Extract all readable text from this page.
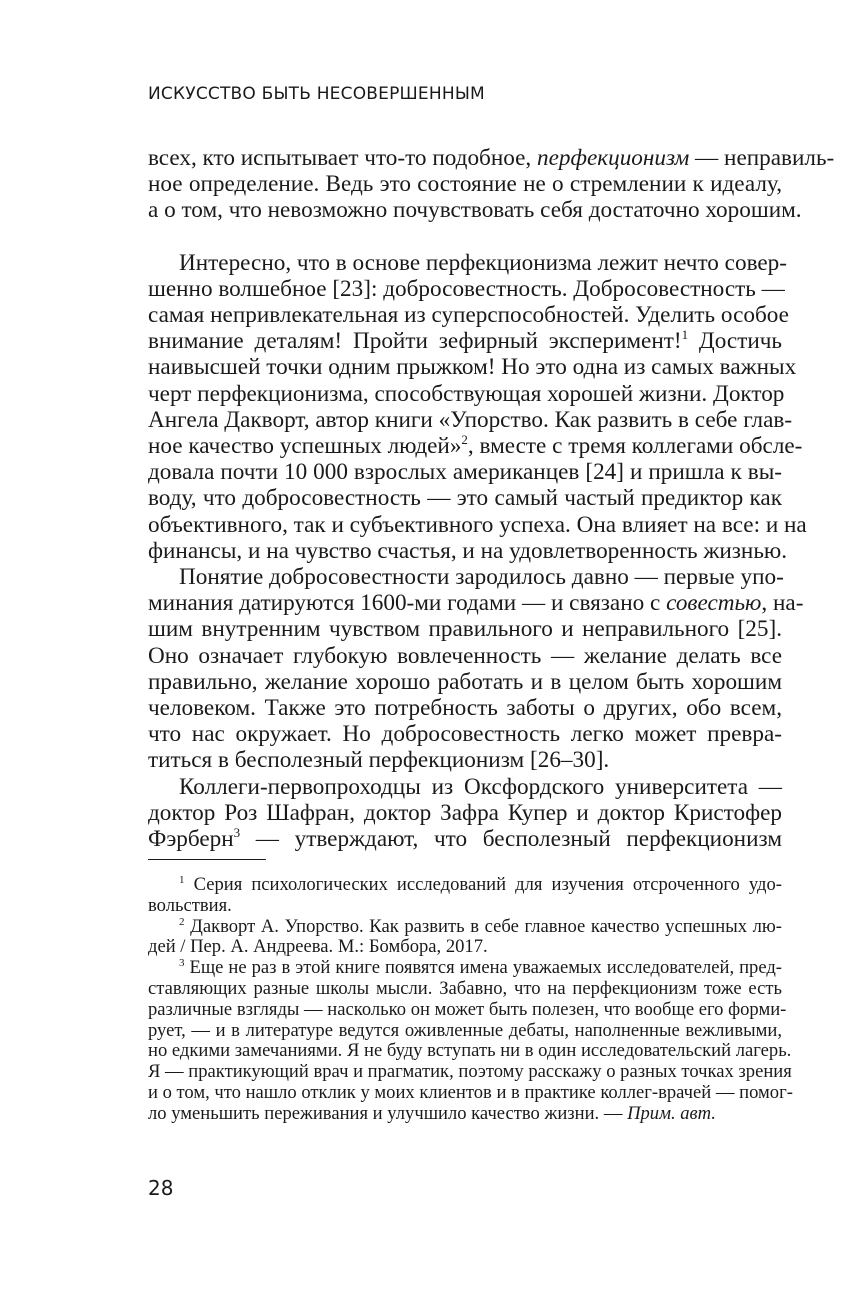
ИСКУССТВО БЫТЬ НЕСОВЕРШЕННЫМ

всех, кто испытывает что-то подобное, перфекционизм — неправиль-
ное определение. Ведь это состояние не о стремлении к идеалу,
а о том, что невозможно почувствовать себя достаточно хорошим.

Интересно, что в основе перфекционизма лежит нечто совер-
шенно волшебное [23]: добросовестность. Добросовестность —
самая непривлекательная из суперспособностей. Уделить особое
внимание деталям! Пройти зефирный эксперимент!$^1$ Достичь
наивысшей точки одним прыжком! Но это одна из самых важных
черт перфекционизма, способствующая хорошей жизни. Доктор
Ангела Дакворт, автор книги «Упорство. Как развить в себе глав-
ное качество успешных людей»$^2$, вместе с тремя коллегами обсле-
довала почти 10 000 взрослых американцев [24] и пришла к вы-
воду, что добросовестность — это самый частый предиктор как
объективного, так и субъективного успеха. Она влияет на все: и на
финансы, и на чувство счастья, и на удовлетворенность жизнью.

Понятие добросовестности зародилось давно — первые упо-
минания датируются 1600-ми годами — и связано с совестью, на-
шим внутренним чувством правильного и неправильного [25].
Оно означает глубокую вовлеченность — желание делать все
правильно, желание хорошо работать и в целом быть хорошим
человеком. Также это потребность заботы о других, обо всем,
что нас окружает. Но добросовестность легко может превра-
титься в бесполезный перфекционизм [26–30].

Коллеги-первопроходцы из Оксфордского университета —
доктор Роз Шафран, доктор Зафра Купер и доктор Кристофер
Фэрберн$^3$ — утверждают, что бесполезный перфекционизм

$^1$ Серия психологических исследований для изучения отсроченного удо-
вольствия.

$^2$ Дакворт А. Упорство. Как развить в себе главное качество успешных лю-
дей / Пер. А. Андреева. М.: Бомбора, 2017.

$^3$ Еще не раз в этой книге появятся имена уважаемых исследователей, пред-
ставляющих разные школы мысли. Забавно, что на перфекционизм тоже есть
различные взгляды — насколько он может быть полезен, что вообще его форми-
рует, — и в литературе ведутся оживленные дебаты, наполненные вежливыми,
но едкими замечаниями. Я не буду вступать ни в один исследовательский лагерь.
Я — практикующий врач и прагматик, поэтому расскажу о разных точках зрения
и о том, что нашло отклик у моих клиентов и в практике коллег-врачей — помог-
ло уменьшить переживания и улучшило качество жизни. — Прим. авт.

28
